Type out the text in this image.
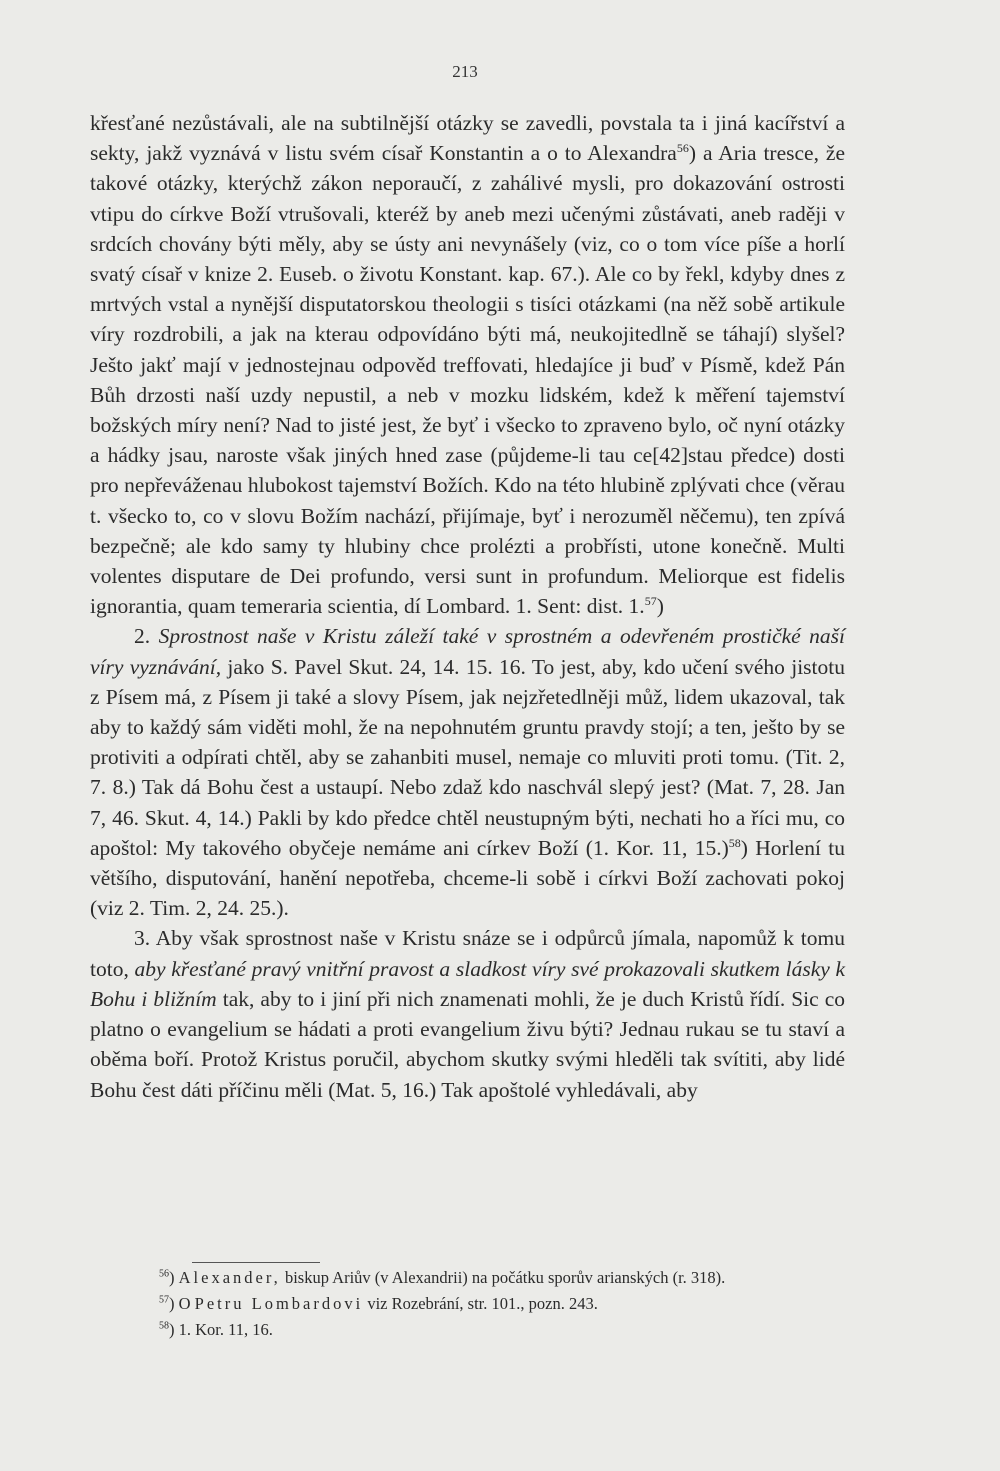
213

křesťané nezůstávali, ale na subtilnější otázky se zavedli, povstala ta i jiná kacířství a sekty, jakž vyznává v listu svém císař Konstantin a o to Alexandra$^{56}$) a Aria tresce, že takové otázky, kterýchž zákon neporaučí, z zahálivé mysli, pro dokazování ostrosti vtipu do církve Boží vtrušovali, kteréž by aneb mezi učenými zůstávati, aneb raději v srdcích chovány býti měly, aby se ústy ani nevynášely (viz, co o tom více píše a horlí svatý císař v knize 2. Euseb. o životu Konstant. kap. 67.). Ale co by řekl, kdyby dnes z mrtvých vstal a nynější disputatorskou theologii s tisíci otázkami (na něž sobě artikule víry rozdrobili, a jak na kterau odpovídáno býti má, neukojitedlně se táhají) slyšel? Ješto jakť mají v jednostejnau odpověd treffovati, hledajíce ji buď v Písmě, kdež Pán Bůh drzosti naší uzdy nepustil, a neb v mozku lidském, kdež k měření tajemství božských míry není? Nad to jisté jest, že byť i všecko to zpraveno bylo, oč nyní otázky a hádky jsau, naroste však jiných hned zase (půjdeme-li tau ce[42]stau předce) dosti pro nepřeváženau hlubokost tajemství Božích. Kdo na této hlubině zplývati chce (věrau t. všecko to, co v slovu Božím nachází, přijímaje, byť i nerozuměl něčemu), ten zpívá bezpečně; ale kdo samy ty hlubiny chce prolézti a probřísti, utone konečně. Multi volentes disputare de Dei profundo, versi sunt in profundum. Meliorque est fidelis ignorantia, quam temeraria scientia, dí Lombard. 1. Sent: dist. 1.57)

2. Sprostnost naše v Kristu záleží také v sprostném a odevřeném prostičké naší víry vyznávání, jako S. Pavel Skut. 24, 14. 15. 16. To jest, aby, kdo učení svého jistotu z Písem má, z Písem ji také a slovy Písem, jak nejzřetedlněji můž, lidem ukazoval, tak aby to každý sám viděti mohl, že na nepohnutém gruntu pravdy stojí; a ten, ješto by se protiviti a odpírati chtěl, aby se zahanbiti musel, nemaje co mluviti proti tomu. (Tit. 2, 7. 8.) Tak dá Bohu čest a ustaupí. Nebo zdaž kdo naschvál slepý jest? (Mat. 7, 28. Jan 7, 46. Skut. 4, 14.) Pakli by kdo předce chtěl neustupným býti, nechati ho a říci mu, co apoštol: My takového obyčeje nemáme ani církev Boží (1. Kor. 11, 15.)$^{58}$) Horlení tu většího, disputování, hanění nepotřeba, chceme-li sobě i církvi Boží zachovati pokoj (viz 2. Tim. 2, 24. 25.).

3. Aby však sprostnost naše v Kristu snáze se i odpůrců jímala, napomůž k tomu toto, aby křesťané pravý vnitřní pravost a sladkost víry své prokazovali skutkem lásky k Bohu i bližním tak, aby to i jiní při nich znamenati mohli, že je duch Kristů řídí. Sic co platno o evangelium se hádati a proti evangelium živu býti? Jednau rukau se tu staví a oběma boří. Protož Kristus poručil, abychom skutky svými hleděli tak svítiti, aby lidé Bohu čest dáti příčinu měli (Mat. 5, 16.) Tak apoštolé vyhledávali, aby

$^{56}$) Alexander, biskup Ariův (v Alexandrii) na počátku sporův arianských (r. 318).

$^{57}$) O Petru Lombardovi viz Rozebrání, str. 101., pozn. 243.

$^{58}$) 1. Kor. 11, 16.
